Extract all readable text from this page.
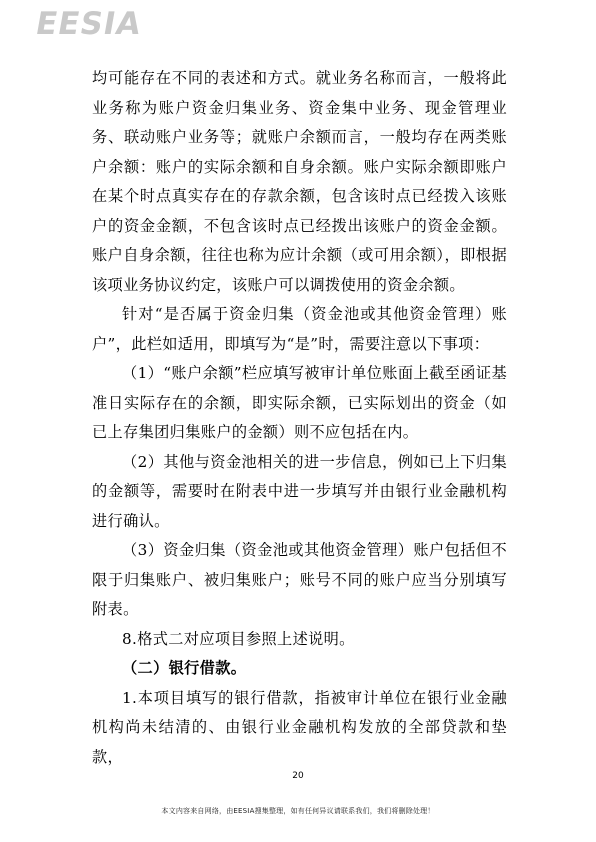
EESIA

均可能存在不同的表述和方式。就业务名称而言，一般将此业务称为账户资金归集业务、资金集中业务、现金管理业务、联动账户业务等；就账户余额而言，一般均存在两类账户余额：账户的实际余额和自身余额。账户实际余额即账户在某个时点真实存在的存款余额，包含该时点已经拨入该账户的资金金额，不包含该时点已经拨出该账户的资金金额。账户自身余额，往往也称为应计余额（或可用余额），即根据该项业务协议约定，该账户可以调拨使用的资金余额。

针对“是否属于资金归集（资金池或其他资金管理）账户”，此栏如适用，即填写为“是”时，需要注意以下事项：

（1）“账户余额”栏应填写被审计单位账面上截至函证基准日实际存在的余额，即实际余额，已实际划出的资金（如已上存集团归集账户的金额）则不应包括在内。

（2）其他与资金池相关的进一步信息，例如已上下归集的金额等，需要时在附表中进一步填写并由银行业金融机构进行确认。

（3）资金归集（资金池或其他资金管理）账户包括但不限于归集账户、被归集账户；账号不同的账户应当分别填写附表。

8.格式二对应项目参照上述说明。

（二）银行借款。

1.本项目填写的银行借款，指被审计单位在银行业金融机构尚未结清的、由银行业金融机构发放的全部贷款和垫款，

20
本文内容来自网络，由EESIA搜集整理，如有任何异议请联系我们，我们将删除处理！
